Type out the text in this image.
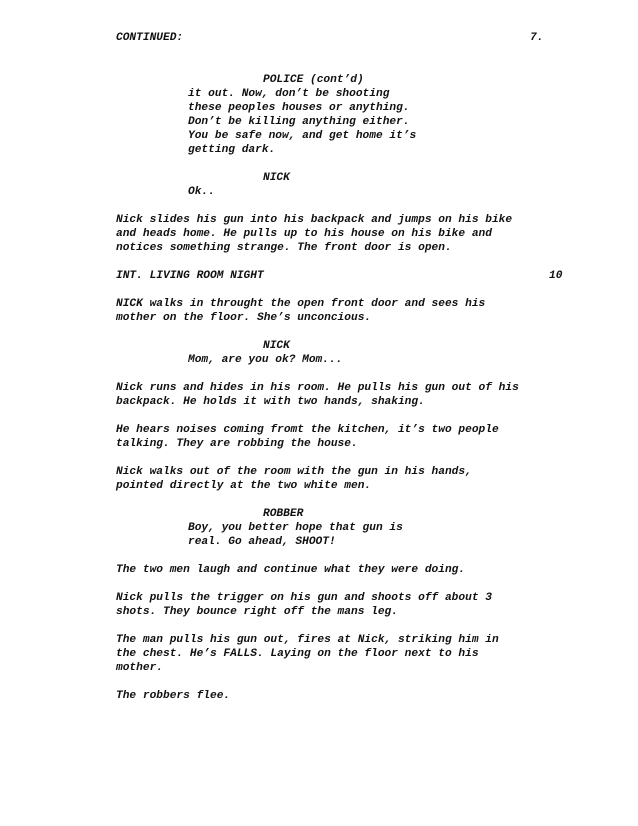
CONTINUED:	7.
POLICE (cont’d)
it out. Now, don’t be shooting
these peoples houses or anything.
Don’t be killing anything either.
You be safe now, and get home it’s
getting dark.
NICK
Ok..
Nick slides his gun into his backpack and jumps on his bike
and heads home. He pulls up to his house on his bike and
notices something strange. The front door is open.
INT. LIVING ROOM NIGHT	10
NICK walks in throught the open front door and sees his
mother on the floor. She’s unconcious.
NICK
Mom, are you ok? Mom...
Nick runs and hides in his room. He pulls his gun out of his
backpack. He holds it with two hands, shaking.
He hears noises coming fromt the kitchen, it’s two people
talking. They are robbing the house.
Nick walks out of the room with the gun in his hands,
pointed directly at the two white men.
ROBBER
Boy, you better hope that gun is
real. Go ahead, SHOOT!
The two men laugh and continue what they were doing.
Nick pulls the trigger on his gun and shoots off about 3
shots. They bounce right off the mans leg.
The man pulls his gun out, fires at Nick, striking him in
the chest. He’s FALLS. Laying on the floor next to his
mother.
The robbers flee.
